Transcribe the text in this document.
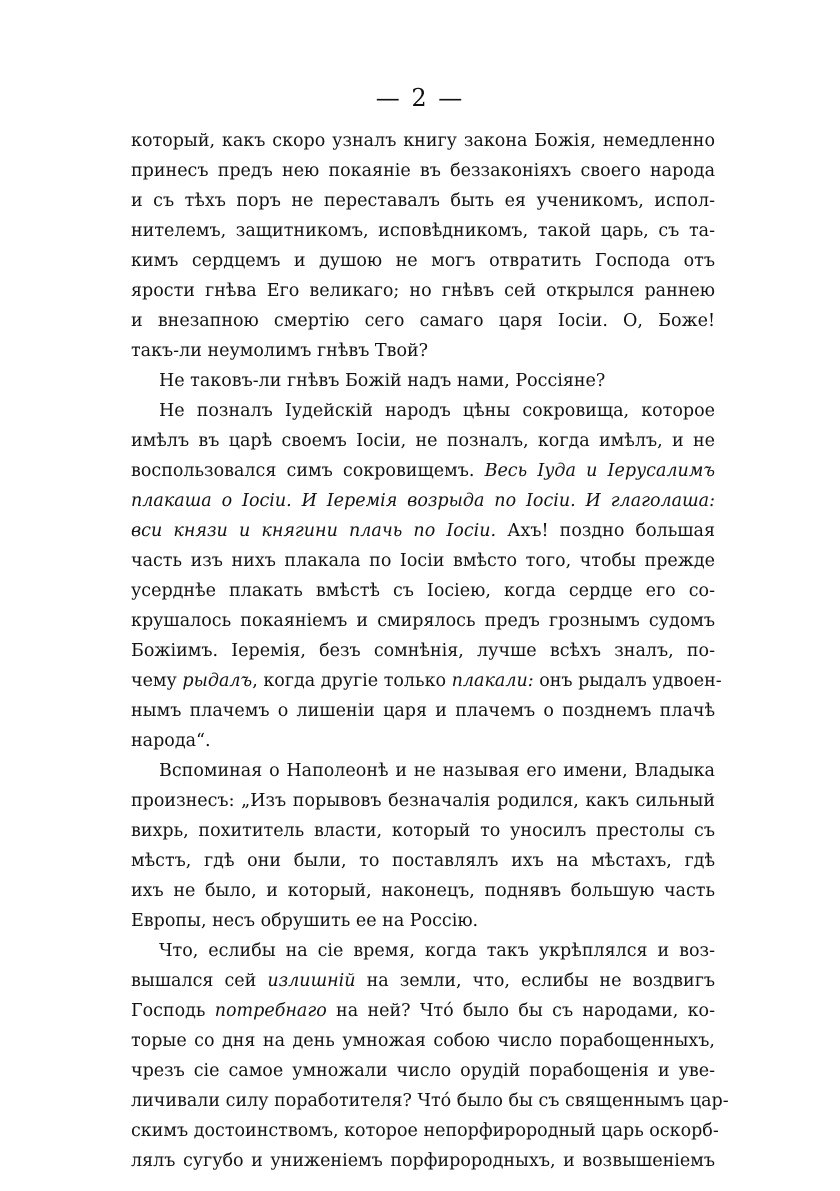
— 2 —
который, какъ скоро узналъ книгу закона Божія, немедленно
принесъ предъ нею покаяніе въ беззаконіяхъ своего народа
и съ тѣхъ поръ не переставалъ быть ея ученикомъ, испол-
нителемъ, защитникомъ, исповѣдникомъ, такой царь, съ та-
кимъ сердцемъ и душою не могъ отвратить Господа отъ
ярости гнѣва Его великаго; но гнѣвъ сей открылся раннею
и внезапною смертію сего самаго царя Іосіи. О, Боже!
такъ-ли неумолимъ гнѣвъ Твой?
Не таковъ-ли гнѣвъ Божій надъ нами, Россіяне?
Не позналъ Іудейскій народъ цѣны сокровища, которое
имѣлъ въ царѣ своемъ Іосіи, не позналъ, когда имѣлъ, и не
воспользовался симъ сокровищемъ. Весь Іуда и Іерусалимъ
плакаша о Іосіи. И Іеремія возрыда по Іосіи. И глаголаша:
вси князи и княгини плачь по Іосіи. Ахъ! поздно большая
часть изъ нихъ плакала по Іосіи вмѣсто того, чтобы прежде
усерднѣе плакать вмѣстѣ съ Іосіею, когда сердце его со-
крушалось покаяніемъ и смирялось предъ грознымъ судомъ
Божіимъ. Іеремія, безъ сомнѣнія, лучше всѣхъ зналъ, по-
чему рыдалъ, когда другіе только плакали: онъ рыдалъ удвоен-
нымъ плачемъ о лишеніи царя и плачемъ о позднемъ плачѣ
народа“.
Вспоминая о Наполеонѣ и не называя его имени, Владыка
произнесъ: „Изъ порывовъ безначалія родился, какъ сильный
вихрь, похититель власти, который то уносилъ престолы съ
мѣстъ, гдѣ они были, то поставлялъ ихъ на мѣстахъ, гдѣ
ихъ не было, и который, наконецъ, поднявъ большую часть
Европы, несъ обрушить ее на Россію.
Что, еслибы на сіе время, когда такъ укрѣплялся и воз-
вышался сей излишній на земли, что, еслибы не воздвигъ
Господь потребнаго на ней? Чтó было бы съ народами, ко-
торые со дня на день умножая собою число порабощенныхъ,
чрезъ сіе самое умножали число орудій порабощенія и уве-
личивали силу поработителя? Чтó было бы съ священнымъ цар-
скимъ достоинствомъ, которое непорфирородный царь оскорб-
лялъ сугубо и униженіемъ порфирородныхъ, и возвышеніемъ
